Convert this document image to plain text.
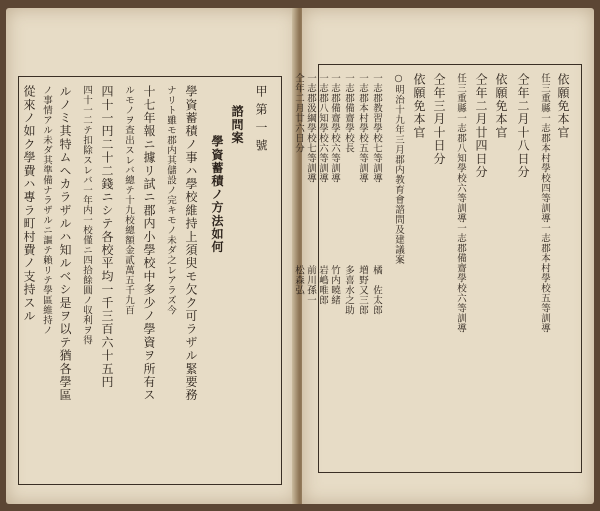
甲第一號
諮問案
學資蓄積ノ方法如何
學資蓄積ノ事ハ學校維持上須臾モ欠ク可ラザル緊要務
ナリト雖モ郡内其儲設ノ完キモノ未ダ之レアラズ今
十七年報ニ據リ試ニ郡内小學校中多少ノ學資ヲ所有ス
ルモノヲ查出スレバ總テ十九校總額金貳萬五千九百
四十一円二十二錢ニシテ各校平均一千三百六十五円
四十一二テ扣除スレバ一年内一校僅ニ四拾餘圓ノ収利ヲ得
ルノミ其特ムヘカラザルハ知ルベシ是ヲ以テ猶各學區
ノ事情アル未ダ其準備ナラザルニ謳テ賴リテ學區維持ノ
從來ノ如ク學費ハ專ラ町村費ノ支持スル	依願免本官
任三重縣一志郡本村學校四等訓導一志郡本村學校五等訓導
仝年二月十八日分
依願免本官
仝年二月廿四日分
任三重縣一志郡八知學校六等訓導一志郡備齋學校六等訓導
仝年三月十日分
依願免本官
○明治十九年三月郡内教育會諮問及建議案
一志郡教習學校七等訓導
橘　佐太郎
一志郡本村學校五等訓導
増野又三郎
一志郡備齋學校長
多喜水之助
一志郡備齋學校六等訓導
竹内曉緒
一志郡八知學校六等訓導
岩嶋唯郎
一志郡汲綱學校七等訓導
前川孫一
仝年二月廿六日分
松森弘
